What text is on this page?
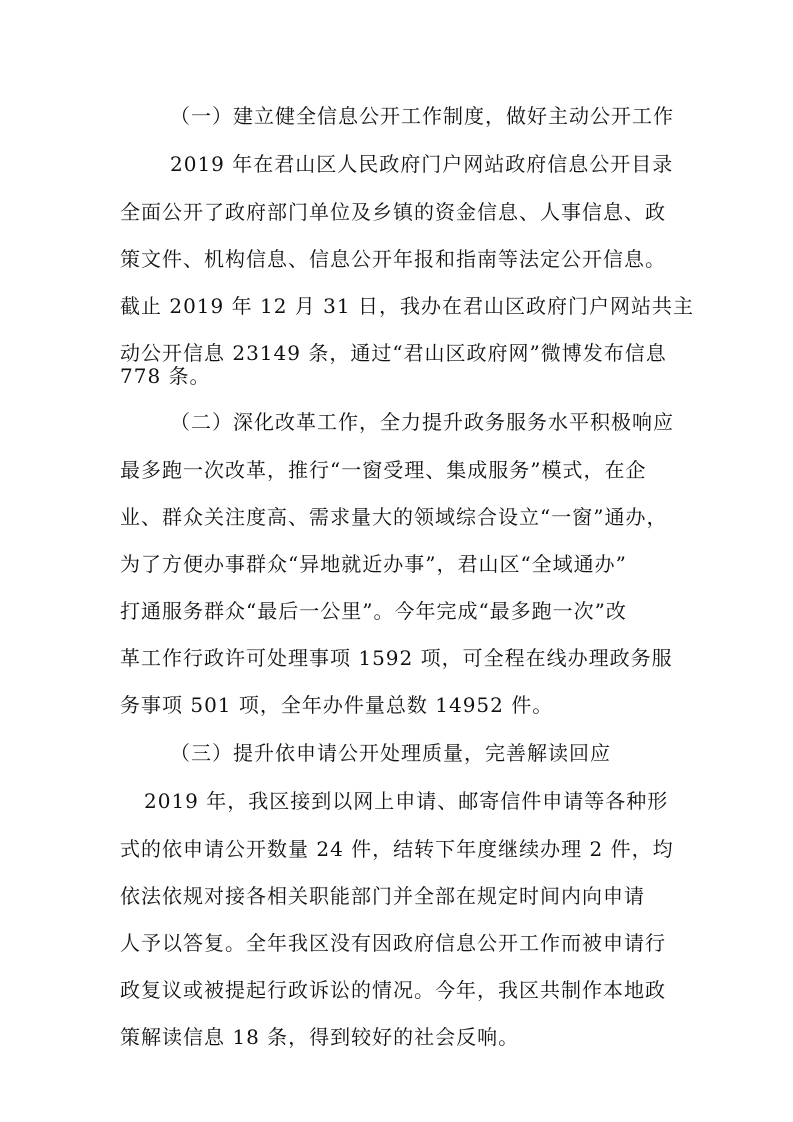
（一）建立健全信息公开工作制度，做好主动公开工作
2019 年在君山区人民政府门户网站政府信息公开目录
全面公开了政府部门单位及乡镇的资金信息、人事信息、政
策文件、机构信息、信息公开年报和指南等法定公开信息。
截止 2019 年 12 月 31 日，我办在君山区政府门户网站共主
动公开信息 23149 条，通过“君山区政府网”微博发布信息
778 条。
（二）深化改革工作，全力提升政务服务水平积极响应
最多跑一次改革，推行“一窗受理、集成服务”模式，在企
业、群众关注度高、需求量大的领域综合设立“一窗”通办，
为了方便办事群众“异地就近办事”，君山区“全域通办”
打通服务群众“最后一公里”。今年完成“最多跑一次”改
革工作行政许可处理事项 1592 项，可全程在线办理政务服
务事项 501 项，全年办件量总数 14952 件。
（三）提升依申请公开处理质量，完善解读回应
2019 年，我区接到以网上申请、邮寄信件申请等各种形
式的依申请公开数量 24 件，结转下年度继续办理 2 件，均
依法依规对接各相关职能部门并全部在规定时间内向申请
人予以答复。全年我区没有因政府信息公开工作而被申请行
政复议或被提起行政诉讼的情况。今年，我区共制作本地政
策解读信息 18 条，得到较好的社会反响。
